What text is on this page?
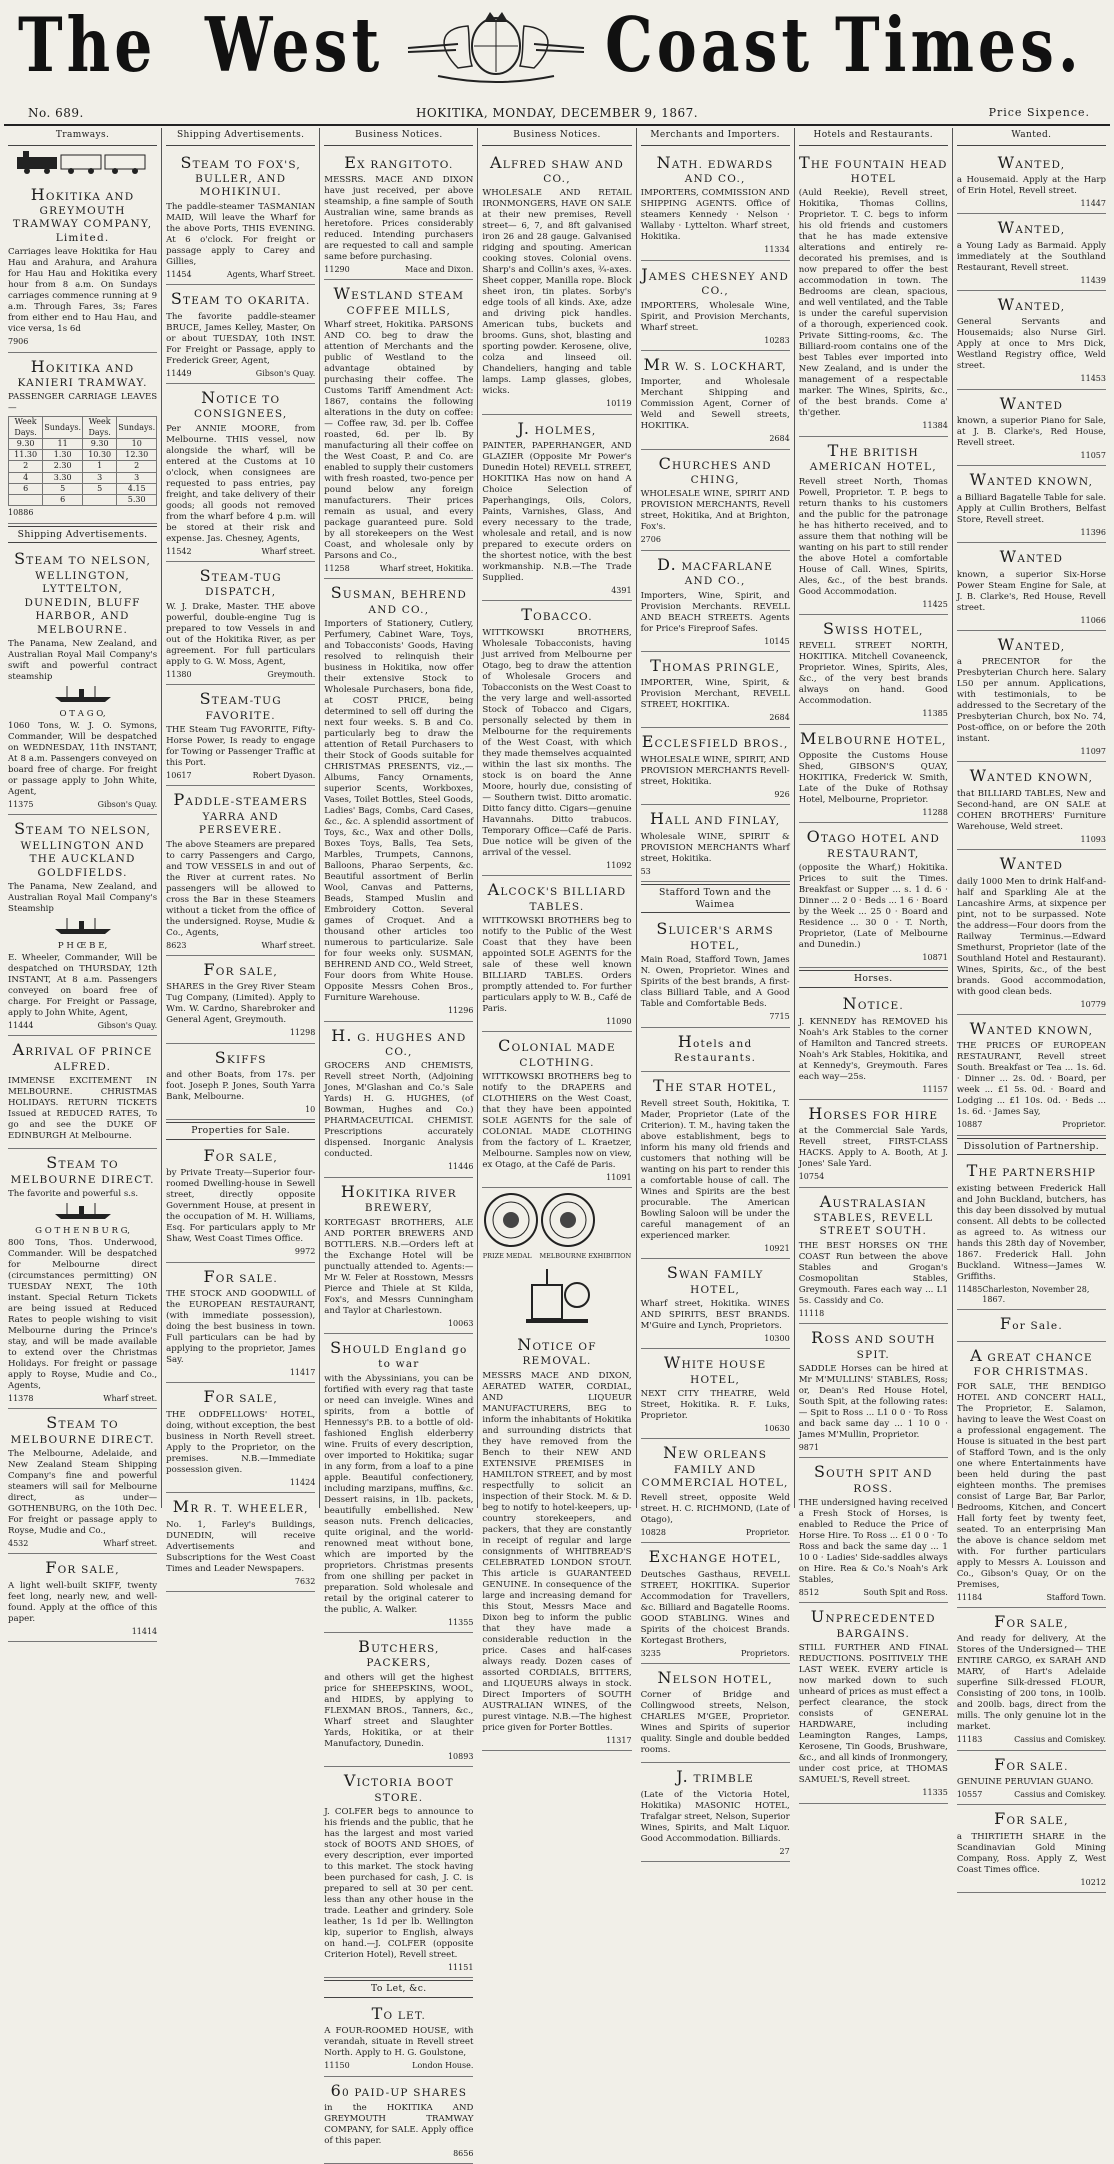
The West	Coast Times.
No. 689.	HOKITIKA, MONDAY, DECEMBER 9, 1867.	Price Sixpence.
Tramways.
HOKITIKA AND GREYMOUTH TRAMWAY COMPANY, Limited.
Carriages leave Hokitika for Hau Hau and Arahura, and Arahura for Hau Hau and Hokitika every hour from 8 a.m. On Sundays carriages commence running at 9 a.m. Through Fares, 3s; Fares from either end to Hau Hau, and vice versa, 1s 6d
7906
HOKITIKA AND KANIERI TRAMWAY.
PASSENGER CARRIAGE LEAVES—
Week Days.	Sundays.	Week Days.	Sundays.
9.30	11	9.30	10
11.30	1.30	10.30	12.30
2	2.30	1	2
4	3.30	3	3
6	5	5	4.15
	6		5.30
10886
Shipping Advertisements.
STEAM TO NELSON, WELLINGTON, LYTTELTON, DUNEDIN, BLUFF HARBOR, AND MELBOURNE.
The Panama, New Zealand, and Australian Royal Mail Company's swift and powerful contract steamship
O T A G O,
1060 Tons, W. J. O. Symons, Commander, Will be despatched on WEDNESDAY, 11th INSTANT, At 8 a.m. Passengers conveyed on board free of charge. For freight or passage apply to John White, Agent,
11375	Gibson's Quay.
STEAM TO NELSON, WELLINGTON AND THE AUCKLAND GOLDFIELDS.
The Panama, New Zealand, and Australian Royal Mail Company's Steamship
P H Œ B E,
E. Wheeler, Commander, Will be despatched on THURSDAY, 12th INSTANT, At 8 a.m. Passengers conveyed on board free of charge. For Freight or Passage, apply to John White, Agent,
11444	Gibson's Quay.
ARRIVAL OF PRINCE ALFRED.
IMMENSE EXCITEMENT IN MELBOURNE. CHRISTMAS HOLIDAYS. RETURN TICKETS Issued at REDUCED RATES, To go and see the DUKE OF EDINBURGH At Melbourne.
STEAM TO MELBOURNE DIRECT.
The favorite and powerful s.s.
G O T H E N B U R G,
800 Tons, Thos. Underwood, Commander. Will be despatched for Melbourne direct (circumstances permitting) ON TUESDAY NEXT, The 10th instant. Special Return Tickets are being issued at Reduced Rates to people wishing to visit Melbourne during the Prince's stay, and will be made available to extend over the Christmas Holidays. For freight or passage apply to Royse, Mudie and Co., Agents,
11378	Wharf street.
STEAM TO MELBOURNE DIRECT.
The Melbourne, Adelaide, and New Zealand Steam Shipping Company's fine and powerful steamers will sail for Melbourne direct, as under— GOTHENBURG, on the 10th Dec. For freight or passage apply to Royse, Mudie and Co.,
4532	Wharf street.
FOR SALE,
A light well-built SKIFF, twenty feet long, nearly new, and well-found. Apply at the office of this paper.
11414
Shipping Advertisements.
STEAM TO FOX'S, BULLER, AND MOHIKINUI.
The paddle-steamer TASMANIAN MAID, Will leave the Wharf for the above Ports, THIS EVENING. At 6 o'clock. For freight or passage apply to Carey and Gillies,
11454	Agents, Wharf Street.
STEAM TO OKARITA.
The favorite paddle-steamer BRUCE, James Kelley, Master, On or about TUESDAY, 10th INST. For Freight or Passage, apply to Frederick Greer, Agent,
11449	Gibson's Quay.
NOTICE TO CONSIGNEES,
Per ANNIE MOORE, from Melbourne. THIS vessel, now alongside the wharf, will be entered at the Customs at 10 o'clock, when consignees are requested to pass entries, pay freight, and take delivery of their goods; all goods not removed from the wharf before 4 p.m. will be stored at their risk and expense. Jas. Chesney, Agents,
11542	Wharf street.
STEAM-TUG DISPATCH,
W. J. Drake, Master. THE above powerful, double-engine Tug is prepared to tow Vessels in and out of the Hokitika River, as per agreement. For full particulars apply to G. W. Moss, Agent,
11380	Greymouth.
STEAM-TUG FAVORITE.
THE Steam Tug FAVORITE, Fifty-Horse Power, Is ready to engage for Towing or Passenger Traffic at this Port.
10617	Robert Dyason.
PADDLE-STEAMERS YARRA AND PERSEVERE.
The above Steamers are prepared to carry Passengers and Cargo, and TOW VESSELS in and out of the River at current rates. No passengers will be allowed to cross the Bar in these Steamers without a ticket from the office of the undersigned. Royse, Mudie & Co., Agents,
8623	Wharf street.
FOR SALE,
SHARES in the Grey River Steam Tug Company, (Limited). Apply to Wm. W. Cardno, Sharebroker and General Agent, Greymouth.
11298
SKIFFS
and other Boats, from 17s. per foot. Joseph P. Jones, South Yarra Bank, Melbourne.
10
Properties for Sale.
FOR SALE,
by Private Treaty—Superior four-roomed Dwelling-house in Sewell street, directly opposite Government House, at present in the occupation of M. H. Williams, Esq. For particulars apply to Mr Shaw, West Coast Times Office.
9972
FOR SALE.
THE STOCK AND GOODWILL of the EUROPEAN RESTAURANT, (with immediate possession), doing the best business in town. Full particulars can be had by applying to the proprietor, James Say.
11417
FOR SALE,
THE ODDFELLOWS' HOTEL, doing, without exception, the best business in North Revell street. Apply to the Proprietor, on the premises. N.B.—Immediate possession given.
11424
MR R. T. WHEELER,
No. 1, Farley's Buildings, DUNEDIN, will receive Advertisements and Subscriptions for the West Coast Times and Leader Newspapers.
7632
Business Notices.
EX RANGITOTO.
MESSRS. MACE AND DIXON have just received, per above steamship, a fine sample of South Australian wine, same brands as heretofore. Prices considerably reduced. Intending purchasers are requested to call and sample same before purchasing.
11290	Mace and Dixon.
WESTLAND STEAM COFFEE MILLS,
Wharf street, Hokitika. PARSONS AND CO. beg to draw the attention of Merchants and the public of Westland to the advantage obtained by purchasing their coffee. The Customs Tariff Amendment Act: 1867, contains the following alterations in the duty on coffee:— Coffee raw, 3d. per lb. Coffee roasted, 6d. per lb. By manufacturing all their coffee on the West Coast, P. and Co. are enabled to supply their customers with fresh roasted, two-pence per pound below any foreign manufacturers. Their prices remain as usual, and every package guaranteed pure. Sold by all storekeepers on the West Coast, and wholesale only by Parsons and Co.,
11258	Wharf street, Hokitika.
SUSMAN, BEHREND AND CO.,
Importers of Stationery, Cutlery, Perfumery, Cabinet Ware, Toys, and Tobacconists' Goods, Having resolved to relinquish their business in Hokitika, now offer their extensive Stock to Wholesale Purchasers, bona fide, at COST PRICE, being determined to sell off during the next four weeks. S. B and Co. particularly beg to draw the attention of Retail Purchasers to their Stock of Goods suitable for CHRISTMAS PRESENTS, viz.,—Albums, Fancy Ornaments, superior Scents, Workboxes, Vases, Toilet Bottles, Steel Goods, Ladies' Bags, Combs, Card Cases, &c., &c. A splendid assortment of Toys, &c., Wax and other Dolls, Boxes Toys, Balls, Tea Sets, Marbles, Trumpets, Cannons, Balloons, Pharao Serpents, &c. Beautiful assortment of Berlin Wool, Canvas and Patterns, Beads, Stamped Muslin and Embroidery Cotton. Several games of Croquet. And a thousand other articles too numerous to particularize. Sale for four weeks only. SUSMAN, BEHREND AND CO., Weld Street, Four doors from White House. Opposite Messrs Cohen Bros., Furniture Warehouse.
11296
H. G. HUGHES AND CO.,
GROCERS AND CHEMISTS, Revell street North, (Adjoining Jones, M'Glashan and Co.'s Sale Yards) H. G. HUGHES, (of Bowman, Hughes and Co.) PHARMACEUTICAL CHEMIST. Prescriptions accurately dispensed. Inorganic Analysis conducted.
11446
HOKITIKA RIVER BREWERY,
KORTEGAST BROTHERS, ALE AND PORTER BREWERS AND BOTTLERS. N.B.—Orders left at the Exchange Hotel will be punctually attended to. Agents:—Mr W. Feler at Rosstown, Messrs Pierce and Thiele at St Kilda, Fox's, and Messrs Cunningham and Taylor at Charlestown.
10063
SHOULD England go to war
with the Abyssinians, you can be fortified with every rag that taste or need can inveigle. Wines and spirits, from a bottle of Hennessy's P.B. to a bottle of old-fashioned English elderberry wine. Fruits of every description, over imported to Hokitika; sugar in any form, from a loaf to a pine apple. Beautiful confectionery, including marzipans, muffins, &c. Dessert raisins, in 1lb. packets, beautifully embellished. New season nuts. French delicacies, quite original, and the world-renowned meat without bone, which are imported by the proprietors. Christmas presents from one shilling per packet in preparation. Sold wholesale and retail by the original caterer to the public, A. Walker.
11355
BUTCHERS, PACKERS,
and others will get the highest price for SHEEPSKINS, WOOL, and HIDES, by applying to FLEXMAN BROS., Tanners, &c., Wharf street and Slaughter Yards, Hokitika, or at their Manufactory, Dunedin.
10893
VICTORIA BOOT STORE.
J. COLFER begs to announce to his friends and the public, that he has the largest and most varied stock of BOOTS AND SHOES, of every description, ever imported to this market. The stock having been purchased for cash, J. C. is prepared to sell at 30 per cent. less than any other house in the trade. Leather and grindery. Sole leather, 1s 1d per lb. Wellington kip, superior to English, always on hand.—J. COLFER (opposite Criterion Hotel), Revell street.
11151
To Let, &c.
TO LET.
A FOUR-ROOMED HOUSE, with verandah, situate in Revell street North. Apply to H. G. Goulstone,
11150	London House.
60 PAID-UP SHARES
in the HOKITIKA AND GREYMOUTH TRAMWAY COMPANY, for SALE. Apply office of this paper.
8656
Business Notices.
ALFRED SHAW AND CO.,
WHOLESALE AND RETAIL IRONMONGERS, HAVE ON SALE at their new premises, Revell street— 6, 7, and 8ft galvanised iron 26 and 28 gauge. Galvanised ridging and spouting. American cooking stoves. Colonial ovens. Sharp's and Collin's axes, ¾-axes. Sheet copper, Manilla rope. Block sheet iron, tin plates. Sorby's edge tools of all kinds. Axe, adze and driving pick handles. American tubs, buckets and brooms. Guns, shot, blasting and sporting powder. Kerosene, olive, colza and linseed oil. Chandeliers, hanging and table lamps. Lamp glasses, globes, wicks.
10119
J. HOLMES,
PAINTER, PAPERHANGER, AND GLAZIER (Opposite Mr Power's Dunedin Hotel) REVELL STREET, HOKITIKA Has now on hand A Choice Selection of Paperhangings, Oils, Colors, Paints, Varnishes, Glass, And every necessary to the trade, wholesale and retail, and is now prepared to execute orders on the shortest notice, with the best workmanship. N.B.—The Trade Supplied.
4391
TOBACCO.
WITTKOWSKI BROTHERS, Wholesale Tobacconists, having just arrived from Melbourne per Otago, beg to draw the attention of Wholesale Grocers and Tobacconists on the West Coast to the very large and well-assorted Stock of Tobacco and Cigars, personally selected by them in Melbourne for the requirements of the West Coast, with which they made themselves acquainted within the last six months. The stock is on board the Anne Moore, hourly due, consisting of— Southern twist. Ditto aromatic. Ditto fancy ditto. Cigars—genuine Havannahs. Ditto trabucos. Temporary Office—Café de Paris. Due notice will be given of the arrival of the vessel.
11092
ALCOCK'S BILLIARD TABLES.
WITTKOWSKI BROTHERS beg to notify to the Public of the West Coast that they have been appointed SOLE AGENTS for the sale of these well known BILLIARD TABLES. Orders promptly attended to. For further particulars apply to W. B., Café de Paris.
11090
COLONIAL MADE CLOTHING.
WITTKOWSKI BROTHERS beg to notify to the DRAPERS and CLOTHIERS on the West Coast, that they have been appointed SOLE AGENTS for the sale of COLONIAL MADE CLOTHING from the factory of L. Kraetzer, Melbourne. Samples now on view, ex Otago, at the Café de Paris.
11091
PRIZE MEDAL	MELBOURNE EXHIBITION
NOTICE OF REMOVAL.
MESSRS MACE AND DIXON, AERATED WATER, CORDIAL, AND LIQUEUR MANUFACTURERS, BEG to inform the inhabitants of Hokitika and surrounding districts that they have removed from the Bench to their NEW AND EXTENSIVE PREMISES in HAMILTON STREET, and by most respectfully to solicit an inspection of their Stock. M. & D. beg to notify to hotel-keepers, up-country storekeepers, and packers, that they are constantly in receipt of regular and large consignments of WHITBREAD'S CELEBRATED LONDON STOUT. This article is GUARANTEED GENUINE. In consequence of the large and increasing demand for this Stout, Messrs Mace and Dixon beg to inform the public that they have made a considerable reduction in the price. Cases and half-cases always ready. Dozen cases of assorted CORDIALS, BITTERS, and LIQUEURS always in stock. Direct Importers of SOUTH AUSTRALIAN WINES, of the purest vintage. N.B.—The highest price given for Porter Bottles.
11317
Merchants and Importers.
NATH. EDWARDS AND CO.,
IMPORTERS, COMMISSION AND SHIPPING AGENTS. Office of steamers Kennedy · Nelson · Wallaby · Lyttelton. Wharf street, Hokitika.
11334
JAMES CHESNEY AND CO.,
IMPORTERS, Wholesale Wine, Spirit, and Provision Merchants, Wharf street.
10283
MR W. S. LOCKHART,
Importer, and Wholesale Merchant Shipping and Commission Agent, Corner of Weld and Sewell streets, HOKITIKA.
2684
CHURCHES AND CHING,
WHOLESALE WINE, SPIRIT AND PROVISION MERCHANTS, Revell street, Hokitika, And at Brighton, Fox's.
2706
D. MACFARLANE AND CO.,
Importers, Wine, Spirit, and Provision Merchants. REVELL AND BEACH STREETS. Agents for Price's Fireproof Safes.
10145
THOMAS PRINGLE,
IMPORTER, Wine, Spirit, & Provision Merchant, REVELL STREET, HOKITIKA.
2684
ECCLESFIELD BROS.,
WHOLESALE WINE, SPIRIT, AND PROVISION MERCHANTS Revell-street, Hokitika.
926
HALL AND FINLAY,
Wholesale WINE, SPIRIT & PROVISION MERCHANTS Wharf street, Hokitika.
53
Stafford Town and the Waimea
SLUICER'S ARMS HOTEL,
Main Road, Stafford Town, James N. Owen, Proprietor. Wines and Spirits of the best brands, A first-class Billiard Table, and A Good Table and Comfortable Beds.
7715
Hotels and Restaurants.
THE STAR HOTEL,
Revell street South, Hokitika, T. Mader, Proprietor (Late of the Criterion). T. M., having taken the above establishment, begs to inform his many old friends and customers that nothing will be wanting on his part to render this a comfortable house of call. The Wines and Spirits are the best procurable. The American Bowling Saloon will be under the careful management of an experienced marker.
10921
SWAN FAMILY HOTEL,
Wharf street, Hokitika. WINES AND SPIRITS, BEST BRANDS. M'Guire and Lynch, Proprietors.
10300
WHITE HOUSE HOTEL,
NEXT CITY THEATRE, Weld Street, Hokitika. R. F. Luks, Proprietor.
10630
NEW ORLEANS FAMILY AND COMMERCIAL HOTEL,
Revell street, opposite Weld street. H. C. RICHMOND, (Late of Otago),
10828	Proprietor.
EXCHANGE HOTEL,
Deutsches Gasthaus, REVELL STREET, HOKITIKA. Superior Accommodation for Travellers, &c. Billiard and Bagatelle Rooms. GOOD STABLING. Wines and Spirits of the choicest Brands. Kortegast Brothers,
3235	Proprietors.
NELSON HOTEL,
Corner of Bridge and Collingwood streets, Nelson, CHARLES M'GEE, Proprietor. Wines and Spirits of superior quality. Single and double bedded rooms.
J. TRIMBLE
(Late of the Victoria Hotel, Hokitika) MASONIC HOTEL, Trafalgar street, Nelson, Superior Wines, Spirits, and Malt Liquor. Good Accommodation. Billiards.
27
Hotels and Restaurants.
THE FOUNTAIN HEAD HOTEL
(Auld Reekie), Revell street, Hokitika, Thomas Collins, Proprietor. T. C. begs to inform his old friends and customers that he has made extensive alterations and entirely re-decorated his premises, and is now prepared to offer the best accommodation in town. The Bedrooms are clean, spacious, and well ventilated, and the Table is under the careful supervision of a thorough, experienced cook. Private Sitting-rooms, &c. The Billiard-room contains one of the best Tables ever imported into New Zealand, and is under the management of a respectable marker. The Wines, Spirits, &c., of the best brands. Come a' th'gether.
11384
THE BRITISH AMERICAN HOTEL,
Revell street North, Thomas Powell, Proprietor. T. P. begs to return thanks to his customers and the public for the patronage he has hitherto received, and to assure them that nothing will be wanting on his part to still render the above Hotel a comfortable House of Call. Wines, Spirits, Ales, &c., of the best brands. Good Accommodation.
11425
SWISS HOTEL,
REVELL STREET NORTH, HOKITIKA. Mitchell Covaneenck, Proprietor. Wines, Spirits, Ales, &c., of the very best brands always on hand. Good Accommodation.
11385
MELBOURNE HOTEL,
Opposite the Customs House Shed, GIBSON'S QUAY, HOKITIKA, Frederick W. Smith, Late of the Duke of Rothsay Hotel, Melbourne, Proprietor.
11288
OTAGO HOTEL AND RESTAURANT,
(opposite the Wharf,) Hokitika. Prices to suit the Times. Breakfast or Supper ... s. 1 d. 6 · Dinner ... 2 0 · Beds ... 1 6 · Board by the Week ... 25 0 · Board and Residence ... 30 0 · T. North, Proprietor, (Late of Melbourne and Dunedin.)
10871
Horses.
NOTICE.
J. KENNEDY has REMOVED his Noah's Ark Stables to the corner of Hamilton and Tancred streets. Noah's Ark Stables, Hokitika, and at Kennedy's, Greymouth. Fares each way—25s.
11157
HORSES FOR HIRE
at the Commercial Sale Yards, Revell street, FIRST-CLASS HACKS. Apply to A. Booth, At J. Jones' Sale Yard.
10754
AUSTRALASIAN STABLES, REVELL STREET SOUTH.
THE BEST HORSES ON THE COAST Run between the above Stables and Grogan's Cosmopolitan Stables, Greymouth. Fares each way ... L1 5s. Cassidy and Co.
11118
ROSS AND SOUTH SPIT.
SADDLE Horses can be hired at Mr M'MULLINS' STABLES, Ross; or, Dean's Red House Hotel, South Spit, at the following rates:— Spit to Ross ... L1 0 0 · To Ross and back same day ... 1 10 0 · James M'Mullin, Proprietor.
9871
SOUTH SPIT AND ROSS.
THE undersigned having received a Fresh Stock of Horses, is enabled to Reduce the Price of Horse Hire. To Ross ... £1 0 0 · To Ross and back the same day ... 1 10 0 · Ladies' Side-saddles always on Hire. Rea & Co.'s Noah's Ark Stables,
8512	South Spit and Ross.
UNPRECEDENTED BARGAINS.
STILL FURTHER AND FINAL REDUCTIONS. POSITIVELY THE LAST WEEK. EVERY article is now marked down to such unheard of prices as must effect a perfect clearance, the stock consists of GENERAL HARDWARE, including Leamington Ranges, Lamps, Kerosene, Tin Goods, Brushware, &c., and all kinds of Ironmongery, under cost price, at THOMAS SAMUEL'S, Revell street.
11335
Wanted.
WANTED,
a Housemaid. Apply at the Harp of Erin Hotel, Revell street.
11447
WANTED,
a Young Lady as Barmaid. Apply immediately at the Southland Restaurant, Revell street.
11439
WANTED,
General Servants and Housemaids; also Nurse Girl. Apply at once to Mrs Dick, Westland Registry office, Weld street.
11453
WANTED
known, a superior Piano for Sale, at J. B. Clarke's, Red House, Revell street.
11057
WANTED KNOWN,
a Billiard Bagatelle Table for sale. Apply at Cullin Brothers, Belfast Store, Revell street.
11396
WANTED
known, a superior Six-Horse Power Steam Engine for Sale, at J. B. Clarke's, Red House, Revell street.
11066
WANTED,
a PRECENTOR for the Presbyterian Church here. Salary L50 per annum. Applications, with testimonials, to be addressed to the Secretary of the Presbyterian Church, box No. 74, Post-office, on or before the 20th instant.
11097
WANTED KNOWN,
that BILLIARD TABLES, New and Second-hand, are ON SALE at COHEN BROTHERS' Furniture Warehouse, Weld street.
11093
WANTED
daily 1000 Men to drink Half-and-half and Sparkling Ale at the Lancashire Arms, at sixpence per pint, not to be surpassed. Note the address—Four doors from the Railway Terminus.—Edward Smethurst, Proprietor (late of the Southland Hotel and Restaurant). Wines, Spirits, &c., of the best brands. Good accommodation, with good clean beds.
10779
WANTED KNOWN,
THE PRICES OF EUROPEAN RESTAURANT, Revell street South. Breakfast or Tea ... 1s. 6d. · Dinner ... 2s. 0d. · Board, per week ... £1 5s. 0d. · Board and Lodging ... £1 10s. 0d. · Beds ... 1s. 6d. · James Say,
10887	Proprietor.
Dissolution of Partnership.
THE PARTNERSHIP
existing between Frederick Hall and John Buckland, butchers, has this day been dissolved by mutual consent. All debts to be collected as agreed to. As witness our hands this 28th day of November, 1867. Frederick Hall. John Buckland. Witness—James W. Griffiths.
11485 Charleston, November 28, 1867.
For Sale.
A GREAT CHANCE FOR CHRISTMAS.
FOR SALE, THE BENDIGO HOTEL AND CONCERT HALL, The Proprietor, E. Salamon, having to leave the West Coast on a professional engagement. The House is situated in the best part of Stafford Town, and is the only one where Entertainments have been held during the past eighteen months. The premises consist of Large Bar, Bar Parlor, Bedrooms, Kitchen, and Concert Hall forty feet by twenty feet, seated. To an enterprising Man the above is chance seldom met with. For further particulars apply to Messrs A. Louisson and Co., Gibson's Quay, Or on the Premises,
11184	Stafford Town.
FOR SALE,
And ready for delivery, At the Stores of the Undersigned— THE ENTIRE CARGO, ex SARAH AND MARY, of Hart's Adelaide superfine Silk-dressed FLOUR, Consisting of 200 tons, in 100lb. and 200lb. bags, direct from the mills. The only genuine lot in the market.
11183	Cassius and Comiskey.
FOR SALE.
GENUINE PERUVIAN GUANO.
10557	Cassius and Comiskey.
FOR SALE,
a THIRTIETH SHARE in the Scandinavian Gold Mining Company, Ross. Apply Z, West Coast Times office.
10212
